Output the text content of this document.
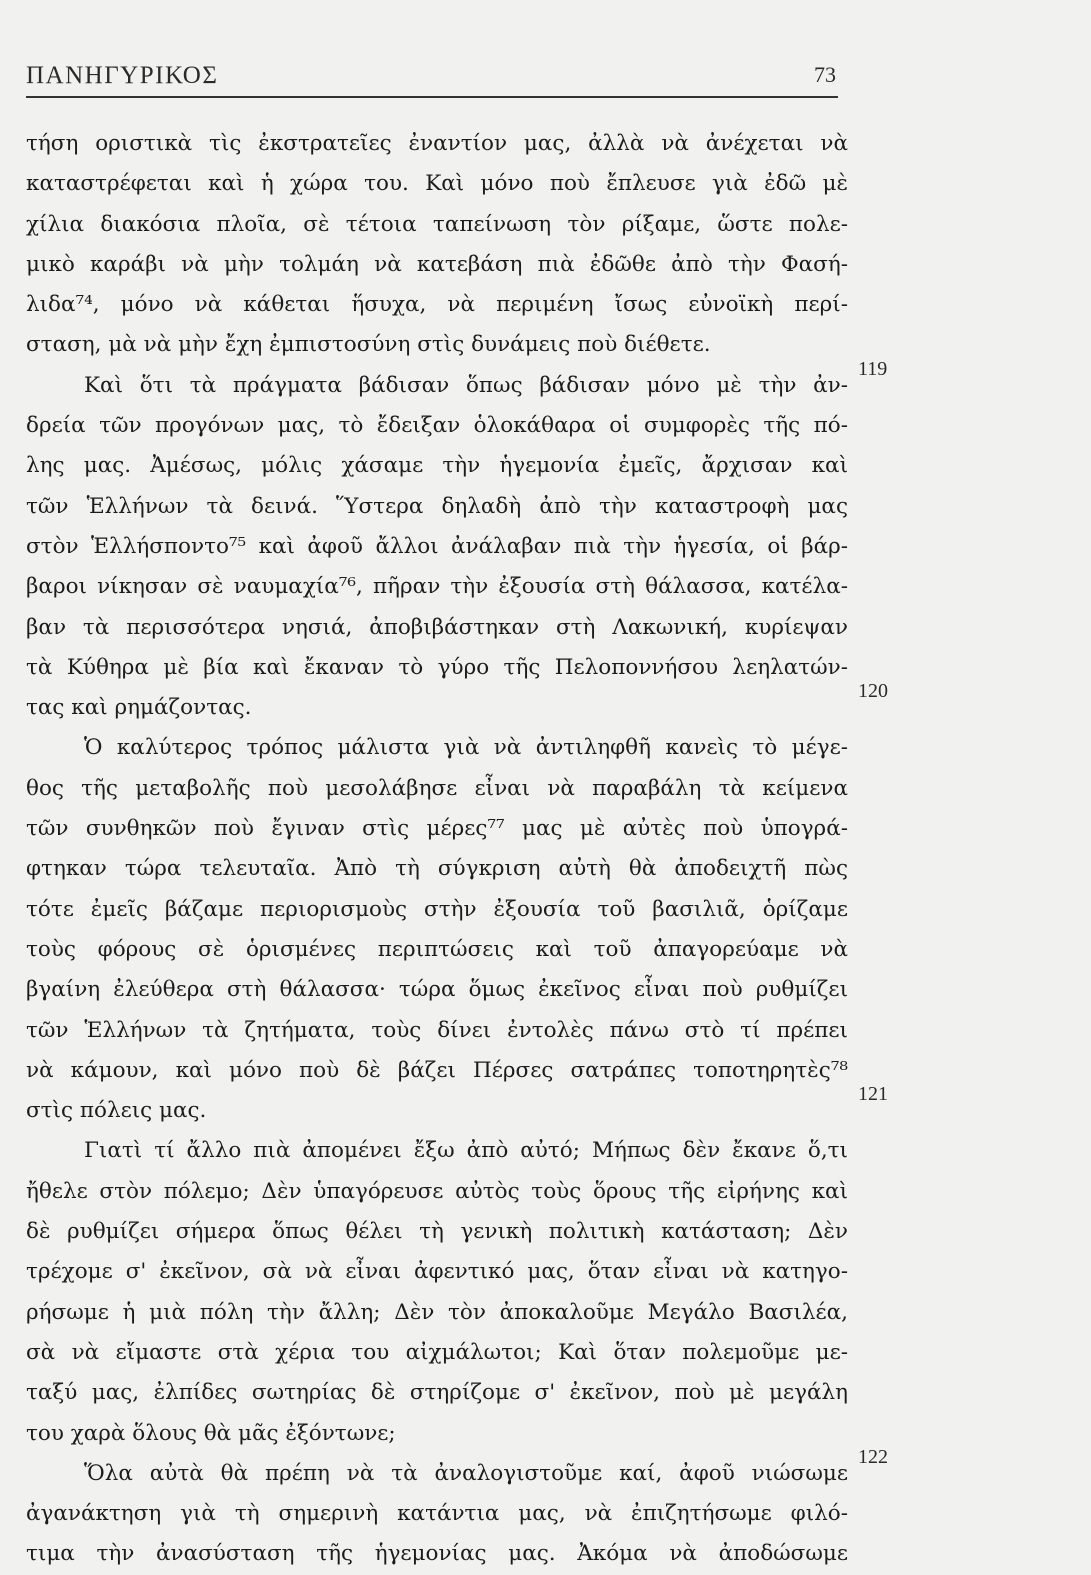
ΠΑΝΗΓΥΡΙΚΟΣ	73
τήση οριστικὰ τὶς ἐκστρατεῖες ἐναντίον μας, ἀλλὰ νὰ ἀνέχεται νὰ
καταστρέφεται καὶ ἡ χώρα του. Καὶ μόνο ποὺ ἔπλευσε γιὰ ἐδῶ μὲ
χίλια διακόσια πλοῖα, σὲ τέτοια ταπείνωση τὸν ρίξαμε, ὥστε πολε-
μικὸ καράβι νὰ μὴν τολμάη νὰ κατεβάση πιὰ ἐδῶθε ἀπὸ τὴν Φασή-
λιδα⁷⁴, μόνο νὰ κάθεται ἥσυχα, νὰ περιμένη ἴσως εὐνοϊκὴ περί-
σταση, μὰ νὰ μὴν ἔχη ἐμπιστοσύνη στὶς δυνάμεις ποὺ διέθετε.
Καὶ ὅτι τὰ πράγματα βάδισαν ὅπως βάδισαν μόνο μὲ τὴν ἀν-
δρεία τῶν προγόνων μας, τὸ ἔδειξαν ὁλοκάθαρα οἱ συμφορὲς τῆς πό-
λης μας. Ἀμέσως, μόλις χάσαμε τὴν ἡγεμονία ἐμεῖς, ἄρχισαν καὶ
τῶν Ἑλλήνων τὰ δεινά. Ὕστερα δηλαδὴ ἀπὸ τὴν καταστροφὴ μας
στὸν Ἑλλήσποντο⁷⁵ καὶ ἀφοῦ ἄλλοι ἀνάλαβαν πιὰ τὴν ἡγεσία, οἱ βάρ-
βαροι νίκησαν σὲ ναυμαχία⁷⁶, πῆραν τὴν ἐξουσία στὴ θάλασσα, κατέλα-
βαν τὰ περισσότερα νησιά, ἀποβιβάστηκαν στὴ Λακωνική, κυρίεψαν
τὰ Κύθηρα μὲ βία καὶ ἔκαναν τὸ γύρο τῆς Πελοποννήσου λεηλατών-
τας καὶ ρημάζοντας.
Ὁ καλύτερος τρόπος μάλιστα γιὰ νὰ ἀντιληφθῆ κανεὶς τὸ μέγε-
θος τῆς μεταβολῆς ποὺ μεσολάβησε εἶναι νὰ παραβάλη τὰ κείμενα
τῶν συνθηκῶν ποὺ ἔγιναν στὶς μέρες⁷⁷ μας μὲ αὐτὲς ποὺ ὑπογρά-
φτηκαν τώρα τελευταῖα. Ἀπὸ τὴ σύγκριση αὐτὴ θὰ ἀποδειχτῆ πὼς
τότε ἐμεῖς βάζαμε περιορισμοὺς στὴν ἐξουσία τοῦ βασιλιᾶ, ὁρίζαμε
τοὺς φόρους σὲ ὁρισμένες περιπτώσεις καὶ τοῦ ἀπαγορεύαμε νὰ
βγαίνη ἐλεύθερα στὴ θάλασσα· τώρα ὅμως ἐκεῖνος εἶναι ποὺ ρυθμίζει
τῶν Ἑλλήνων τὰ ζητήματα, τοὺς δίνει ἐντολὲς πάνω στὸ τί πρέπει
νὰ κάμουν, καὶ μόνο ποὺ δὲ βάζει Πέρσες σατράπες τοποτηρητὲς⁷⁸
στὶς πόλεις μας.
Γιατὶ τί ἄλλο πιὰ ἀπομένει ἔξω ἀπὸ αὐτό; Μήπως δὲν ἔκανε ὅ,τι
ἤθελε στὸν πόλεμο; Δὲν ὑπαγόρευσε αὐτὸς τοὺς ὅρους τῆς εἰρήνης καὶ
δὲ ρυθμίζει σήμερα ὅπως θέλει τὴ γενικὴ πολιτικὴ κατάσταση; Δὲν
τρέχομε σ' ἐκεῖνον, σὰ νὰ εἶναι ἀφεντικό μας, ὅταν εἶναι νὰ κατηγο-
ρήσωμε ἡ μιὰ πόλη τὴν ἄλλη; Δὲν τὸν ἀποκαλοῦμε Μεγάλο Βασιλέα,
σὰ νὰ εἴμαστε στὰ χέρια του αἰχμάλωτοι; Καὶ ὅταν πολεμοῦμε με-
ταξύ μας, ἐλπίδες σωτηρίας δὲ στηρίζομε σ' ἐκεῖνον, ποὺ μὲ μεγάλη
του χαρὰ ὅλους θὰ μᾶς ἐξόντωνε;
Ὅλα αὐτὰ θὰ πρέπη νὰ τὰ ἀναλογιστοῦμε καί, ἀφοῦ νιώσωμε
ἀγανάκτηση γιὰ τὴ σημερινὴ κατάντια μας, νὰ ἐπιζητήσωμε φιλό-
τιμα τὴν ἀνασύσταση τῆς ἡγεμονίας μας. Ἀκόμα νὰ ἀποδώσωμε
119
120
121
122
